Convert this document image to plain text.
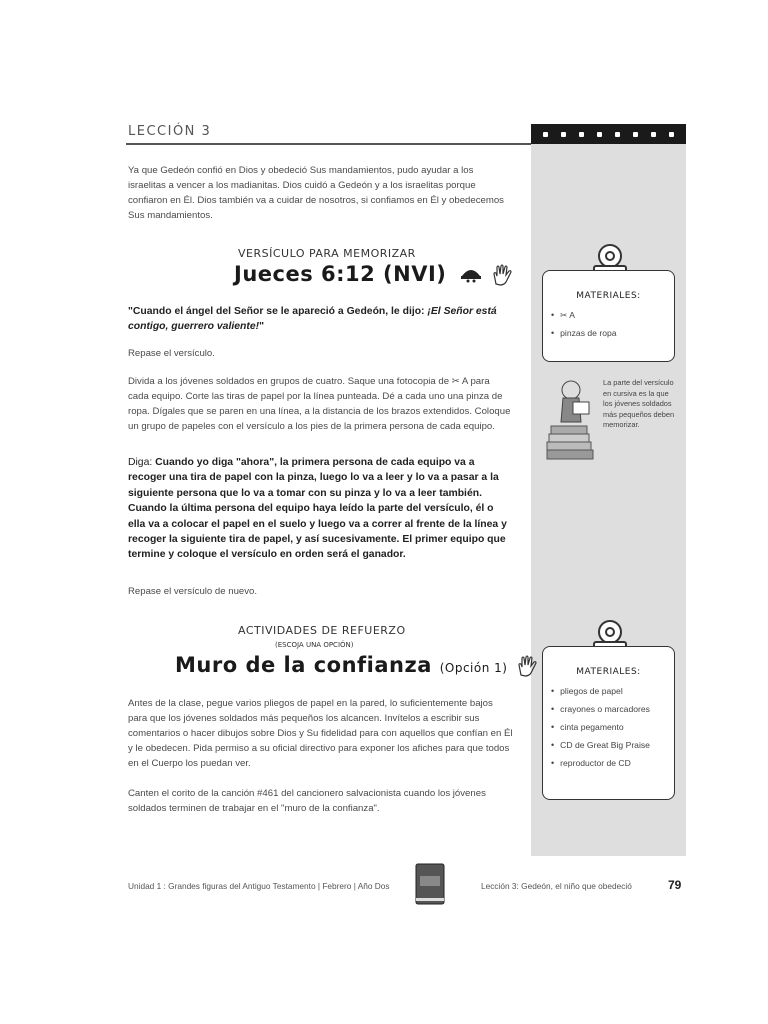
LECCIÓN 3

Ya que Gedeón confió en Dios y obedeció Sus mandamientos, pudo ayudar a los israelitas a vencer a los madianitas. Dios cuidó a Gedeón y a los israelitas porque confiaron en Él. Dios también va a cuidar de nosotros, si confiamos en Él y obedecemos Sus mandamientos.

VERSÍCULO PARA MEMORIZAR
Jueces 6:12 (NVI)

"Cuando el ángel del Señor se le apareció a Gedeón, le dijo: ¡El Señor está contigo, guerrero valiente!"

Repase el versículo.

Divida a los jóvenes soldados en grupos de cuatro. Saque una fotocopia de ✂ A para cada equipo. Corte las tiras de papel por la línea punteada. Dé a cada uno una pinza de ropa. Dígales que se paren en una línea, a la distancia de los brazos extendidos. Coloque un grupo de papeles con el versículo a los pies de la primera persona de cada equipo.

Diga: Cuando yo diga "ahora", la primera persona de cada equipo va a recoger una tira de papel con la pinza, luego lo va a leer y lo va a pasar a la siguiente persona que lo va a tomar con su pinza y lo va a leer también. Cuando la última persona del equipo haya leído la parte del versículo, él o ella va a colocar el papel en el suelo y luego va a correr al frente de la línea y recoger la siguiente tira de papel, y así sucesivamente. El primer equipo que termine y coloque el versículo en orden será el ganador.

Repase el versículo de nuevo.

ACTIVIDADES DE REFUERZO
(ESCOJA UNA OPCIÓN)
Muro de la confianza (Opción 1)

Antes de la clase, pegue varios pliegos de papel en la pared, lo suficientemente bajos para que los jóvenes soldados más pequeños los alcancen. Invítelos a escribir sus comentarios o hacer dibujos sobre Dios y Su fidelidad para con aquellos que confían en Él y le obedecen. Pida permiso a su oficial directivo para exponer los afiches para que todos en el Cuerpo los puedan ver.

Canten el corito de la canción #461 del cancionero salvacionista cuando los jóvenes soldados terminen de trabajar en el "muro de la confianza".

MATERIALES:
• ✂ A
• pinzas de ropa

La parte del versículo en cursiva es la que los jóvenes soldados más pequeños deben memorizar.

MATERIALES:
• pliegos de papel
• crayones o marcadores
• cinta pegamento
• CD de Great Big Praise
• reproductor de CD
Unidad 1 : Grandes figuras del Antiguo Testamento | Febrero | Año Dos	Lección 3: Gedeón, el niño que obedeció	79
